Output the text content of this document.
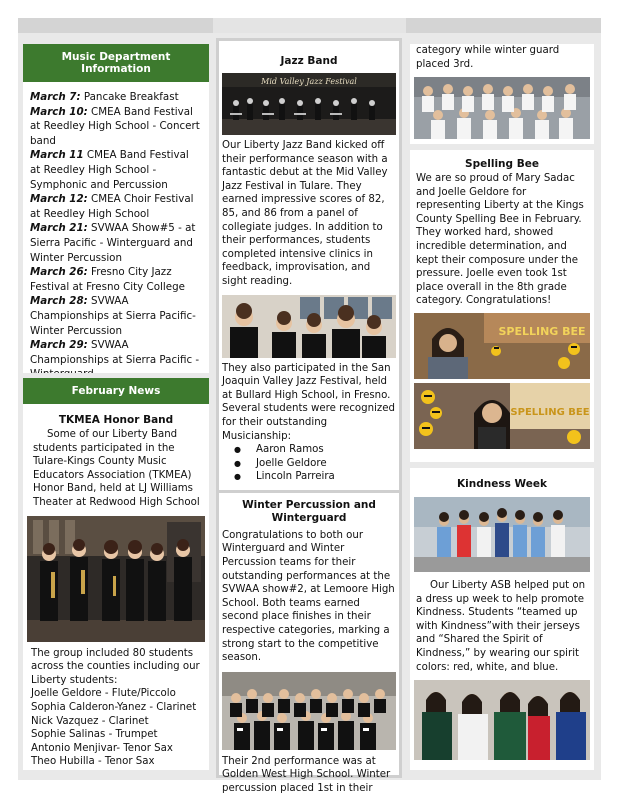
Music Department Information
March 7: Pancake Breakfast
March 10: CMEA Band Festival at Reedley High School - Concert band
March 11 CMEA Band Festival at Reedley High School - Symphonic and Percussion
March 12: CMEA Choir Festival at Reedley High School
March 21: SVWAA Show#5 - at Sierra Pacific - Winterguard and Winter Percussion
March 26: Fresno City Jazz Festival at Fresno City College
March 28: SVWAA Championships at Sierra Pacific- Winter Percussion
March 29: SVWAA Championships at Sierra Pacific -
February News
TKMEA Honor Band
Some of our Liberty Band students participated in the Tulare-Kings County Music Educators Association (TKMEA) Honor Band, held at LJ Williams Theater at Redwood High School
The group included 80 students across the counties including our Liberty students:
Joelle Geldore - Flute/Piccolo
Sophia Calderon-Yanez - Clarinet
Nick Vazquez - Clarinet
Sophie Salinas - Trumpet
Antonio Menjivar- Tenor Sax
Theo Hubilla - Tenor Sax
Jazz Band
Mid Valley Jazz Festival
Our Liberty Jazz Band kicked off their performance season with a fantastic debut at the Mid Valley Jazz Festival in Tulare. They earned impressive scores of 82, 85, and 86 from a panel of collegiate judges. In addition to their performances, students completed intensive clinics in feedback, improvisation, and sight reading.
They also participated in the San Joaquin Valley Jazz Festival, held at Bullard High School, in Fresno. Several students were recognized for their outstanding Musicianship:
● Aaron Ramos
● Joelle Geldore
● Lincoln Parreira
Winter Percussion and Winterguard
Congratulations to both our Winterguard and Winter Percussion teams for their outstanding performances at the SVWAA show#2, at Lemoore High School. Both teams earned second place finishes in their respective categories, marking a strong start to the competitive season.
Their 2nd performance was at Golden West High School. Winter percussion placed 1st in their
category while winter guard placed 3rd.
Spelling Bee
We are so proud of Mary Sadac and Joelle Geldore for representing Liberty at the Kings County Spelling Bee in February. They worked hard, showed incredible determination, and kept their composure under the pressure. Joelle even took 1st place overall in the 8th grade category. Congratulations!
SPELLING BEE
SPELLING BEE
Kindness Week
Our Liberty ASB helped put on a dress up week to help promote Kindness. Students “teamed up with Kindness”with their jerseys and “Shared the Spirit of Kindness,” by wearing our spirit colors: red, white, and blue.
